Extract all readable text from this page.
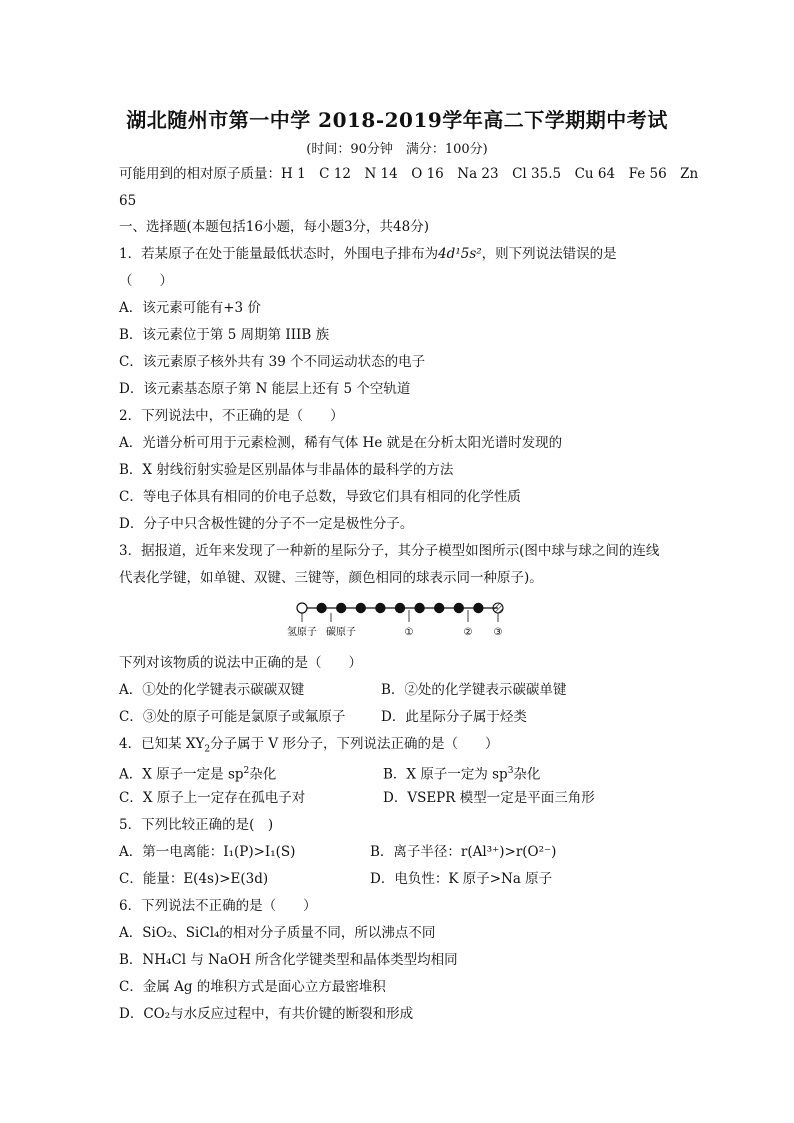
湖北随州市第一中学 2018-2019学年高二下学期期中考试
(时间：90分钟　满分：100分)
可能用到的相对原子质量：H 1　C 12　N 14　O 16　Na 23　Cl 35.5　Cu 64　Fe 56　Zn
65
一、选择题(本题包括16小题，每小题3分，共48分)
1．若某原子在处于能量最低状态时，外围电子排布为4d¹5s²，则下列说法错误的是
（　　）
A．该元素可能有+3 价
B．该元素位于第 5 周期第 IIIB 族
C．该元素原子核外共有 39 个不同运动状态的电子
D．该元素基态原子第 N 能层上还有 5 个空轨道
2．下列说法中，不正确的是（　　）
A．光谱分析可用于元素检测，稀有气体 He 就是在分析太阳光谱时发现的
B．X 射线衍射实验是区别晶体与非晶体的最科学的方法
C．等电子体具有相同的价电子总数，导致它们具有相同的化学性质
D．分子中只含极性键的分子不一定是极性分子。
3．据报道，近年来发现了一种新的星际分子，其分子模型如图所示(图中球与球之间的连线
代表化学键，如单键、双键、三键等，颜色相同的球表示同一种原子)。
氢原子 碳原子	①	② ③
下列对该物质的说法中正确的是（　　）
A．①处的化学键表示碳碳双键	B．②处的化学键表示碳碳单键
C．③处的原子可能是氯原子或氟原子	D．此星际分子属于烃类
4．已知某 $XY_2$分子属于 V 形分子，下列说法正确的是（　　）
A．X 原子一定是 $sp^2$杂化	B．X 原子一定为 $sp^3$杂化
C．X 原子上一定存在孤电子对	D．VSEPR 模型一定是平面三角形
5．下列比较正确的是(　)
A．第一电离能：I₁(P)>I₁(S)	B．离子半径：r(Al³⁺)>r(O²⁻)
C．能量：E(4s)>E(3d)	D．电负性：K 原子>Na 原子
6．下列说法不正确的是（　　）
A．SiO₂、SiCl₄的相对分子质量不同，所以沸点不同
B．NH₄Cl 与 NaOH 所含化学键类型和晶体类型均相同
C．金属 Ag 的堆积方式是面心立方最密堆积
D．CO₂与水反应过程中，有共价键的断裂和形成
